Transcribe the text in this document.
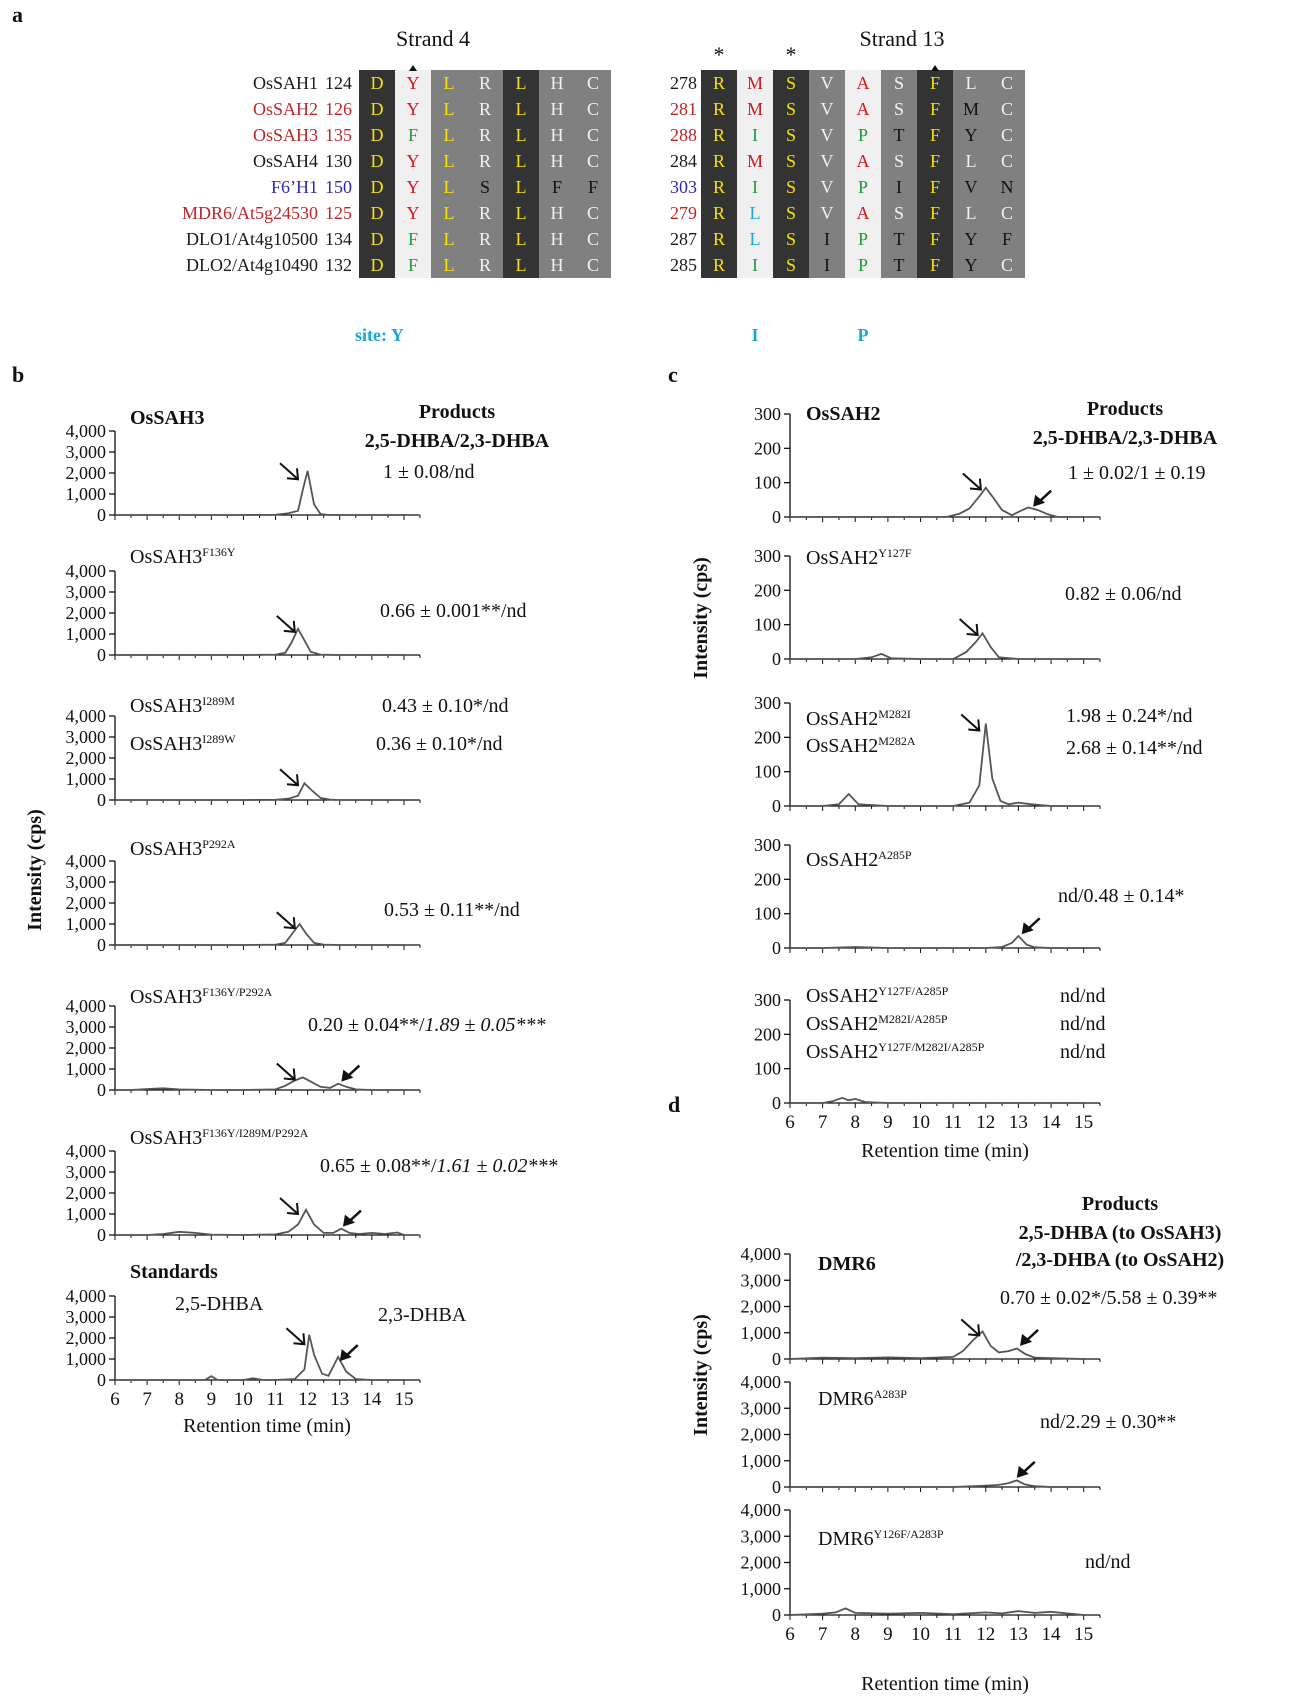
a
b	c
d
Strand 4
OsSAH1 124 D Y L R L H C
OsSAH2 126 D Y L R L H C
OsSAH3 135 D F L R L H C
OsSAH4 130 D Y L R L H C
F6’H1 150 D Y L S L F F
MDR6/At5g24530 125 D Y L R L H C
DLO1/At4g10500 134 D F L R L H C
DLO2/At4g10490 132 D F L R L H C
site: Y
Strand 13
*	*
278 R M S V A S F L C
281 R M S V A S F M C
288 R I S V P T F Y C
284 R M S V A S F L C
303 R I S V P I F V N
279 R L S V A S F L C
287 R L S I P T F Y F
285 R I S I P T F Y C
I	P
0
1,000
2,000
3,000
4,000
0
1,000
2,000
3,000
4,000
0
1,000
2,000
3,000
4,000
0
1,000
2,000
3,000
4,000
0
1,000
2,000
3,000
4,000
0
1,000
2,000
3,000
4,000
0
1,000
2,000
3,000
4,000
0
100
200
300
0
100
200
300
0
100
200
300
0
100
200
300
0
100
200
300
0
1,000
2,000
3,000
4,000
0
1,000
2,000
3,000
4,000
0
1,000
2,000
3,000
4,000
6 7 8 9 10 11 12 13 14 15
6 7 8 9 10 11 12 13 14 15
6 7 8 9 10 11 12 13 14 15
Retention time (min)
Retention time (min)
Retention time (min)
Intensity (cps)
Intensity (cps)
Intensity (cps)
Products
2,5-DHBA/2,3-DHBA
Products
2,5-DHBA/2,3-DHBA
Products
2,5-DHBA (to OsSAH3)
/2,3-DHBA (to OsSAH2)
OsSAH3
1 ± 0.08/nd
$OsSAH3^{F136Y}$
0.66 ± 0.001**/nd
$OsSAH3^{I289M}$
$OsSAH3^{I289W}$
0.43 ± 0.10*/nd
0.36 ± 0.10*/nd
$OsSAH3^{P292A}$
0.53 ± 0.11**/nd
$OsSAH3^{F136Y/P292A}$
0.20 ± 0.04**/1.89 ± 0.05***
$OsSAH3^{F136Y/I289M/P292A}$
0.65 ± 0.08**/1.61 ± 0.02***
Standards
2,5-DHBA	2,3-DHBA
OsSAH2
1 ± 0.02/1 ± 0.19
$OsSAH2^{Y127F}$
0.82 ± 0.06/nd
$OsSAH2^{M282I}$
$OsSAH2^{M282A}$
1.98 ± 0.24*/nd
2.68 ± 0.14**/nd
$OsSAH2^{A285P}$
nd/0.48 ± 0.14*
$OsSAH2^{Y127F/A285P}$
$OsSAH2^{M282I/A285P}$
$OsSAH2^{Y127F/M282I/A285P}$
nd/nd
nd/nd
nd/nd
DMR6
0.70 ± 0.02*/5.58 ± 0.39**
$DMR6^{A283P}$
nd/2.29 ± 0.30**
$DMR6^{Y126F/A283P}$
nd/nd
